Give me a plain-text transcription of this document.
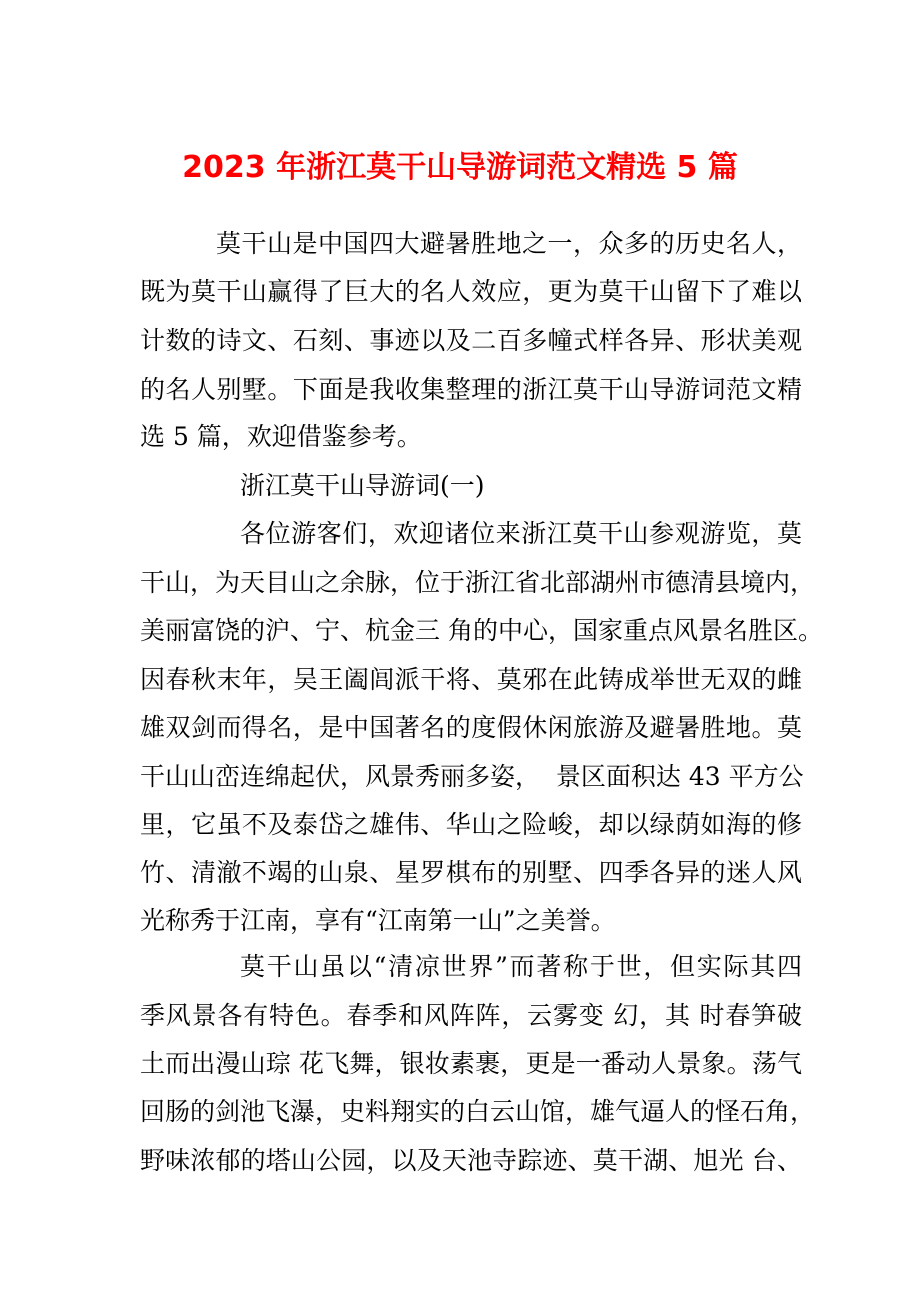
2023 年浙江莫干山导游词范文精选 5 篇
莫干山是中国四大避暑胜地之一，众多的历史名人，
既为莫干山赢得了巨大的名人效应，更为莫干山留下了难以
计数的诗文、石刻、事迹以及二百多幢式样各异、形状美观
的名人别墅。下面是我收集整理的浙江莫干山导游词范文精
选 5 篇，欢迎借鉴参考。
浙江莫干山导游词(一)
各位游客们，欢迎诸位来浙江莫干山参观游览，莫
干山，为天目山之余脉，位于浙江省北部湖州市德清县境内，
美丽富饶的沪、宁、杭金三 角的中心，国家重点风景名胜区。
因春秋末年，吴王阖闾派干将、莫邪在此铸成举世无双的雌
雄双剑而得名，是中国著名的度假休闲旅游及避暑胜地。莫
干山山峦连绵起伏，风景秀丽多姿，  景区面积达 43 平方公
里，它虽不及泰岱之雄伟、华山之险峻，却以绿荫如海的修
竹、清澈不竭的山泉、星罗棋布的别墅、四季各异的迷人风
光称秀于江南，享有“江南第一山”之美誉。
莫干山虽以“清凉世界”而著称于世，但实际其四
季风景各有特色。春季和风阵阵，云雾变 幻，其 时春笋破
土而出漫山琮 花飞舞，银妆素裹，更是一番动人景象。荡气
回肠的剑池飞瀑，史料翔实的白云山馆，雄气逼人的怪石角，
野味浓郁的塔山公园，以及天池寺踪迹、莫干湖、旭光 台、
